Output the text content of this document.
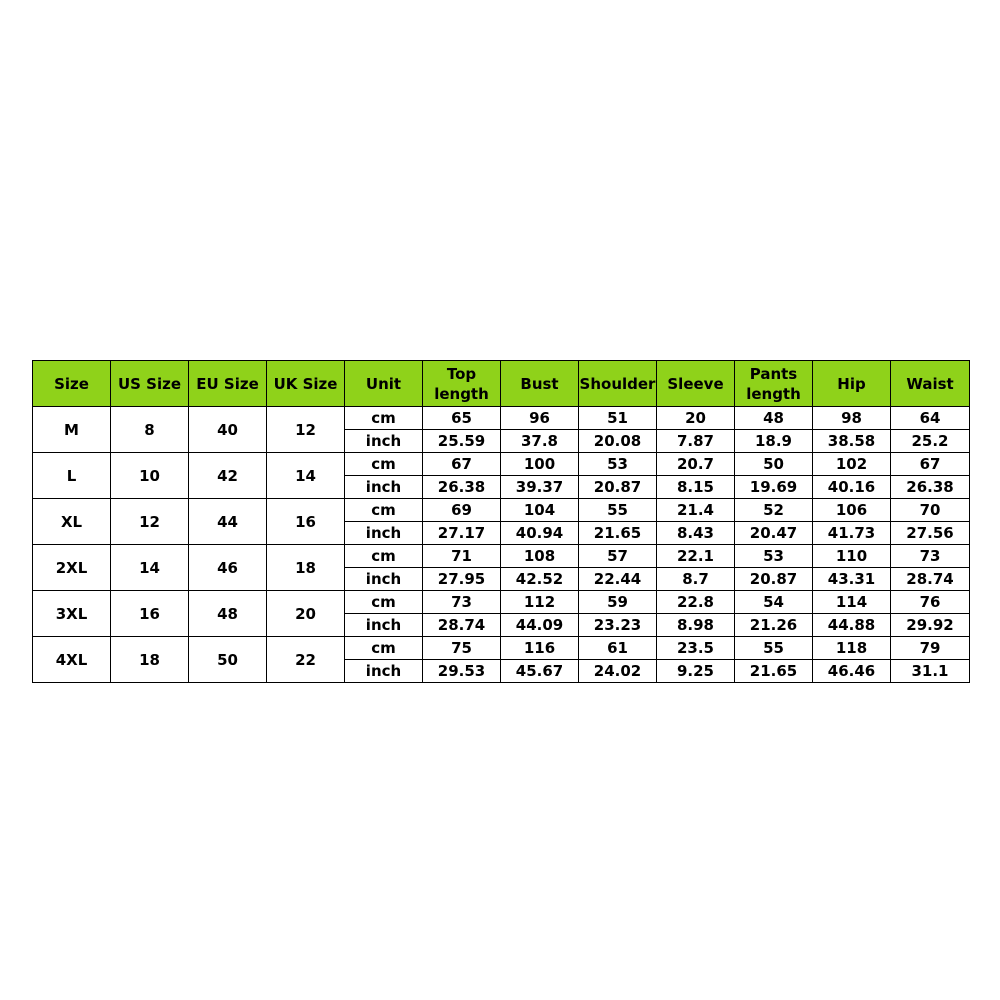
Size	US Size	EU Size	UK Size	Unit	Top length	Bust	Shoulder	Sleeve	Pants length	Hip	Waist
M	8	40	12	cm	65	96	51	20	48	98	64
				inch	25.59	37.8	20.08	7.87	18.9	38.58	25.2
L	10	42	14	cm	67	100	53	20.7	50	102	67
				inch	26.38	39.37	20.87	8.15	19.69	40.16	26.38
XL	12	44	16	cm	69	104	55	21.4	52	106	70
				inch	27.17	40.94	21.65	8.43	20.47	41.73	27.56
2XL	14	46	18	cm	71	108	57	22.1	53	110	73
				inch	27.95	42.52	22.44	8.7	20.87	43.31	28.74
3XL	16	48	20	cm	73	112	59	22.8	54	114	76
				inch	28.74	44.09	23.23	8.98	21.26	44.88	29.92
4XL	18	50	22	cm	75	116	61	23.5	55	118	79
				inch	29.53	45.67	24.02	9.25	21.65	46.46	31.1
